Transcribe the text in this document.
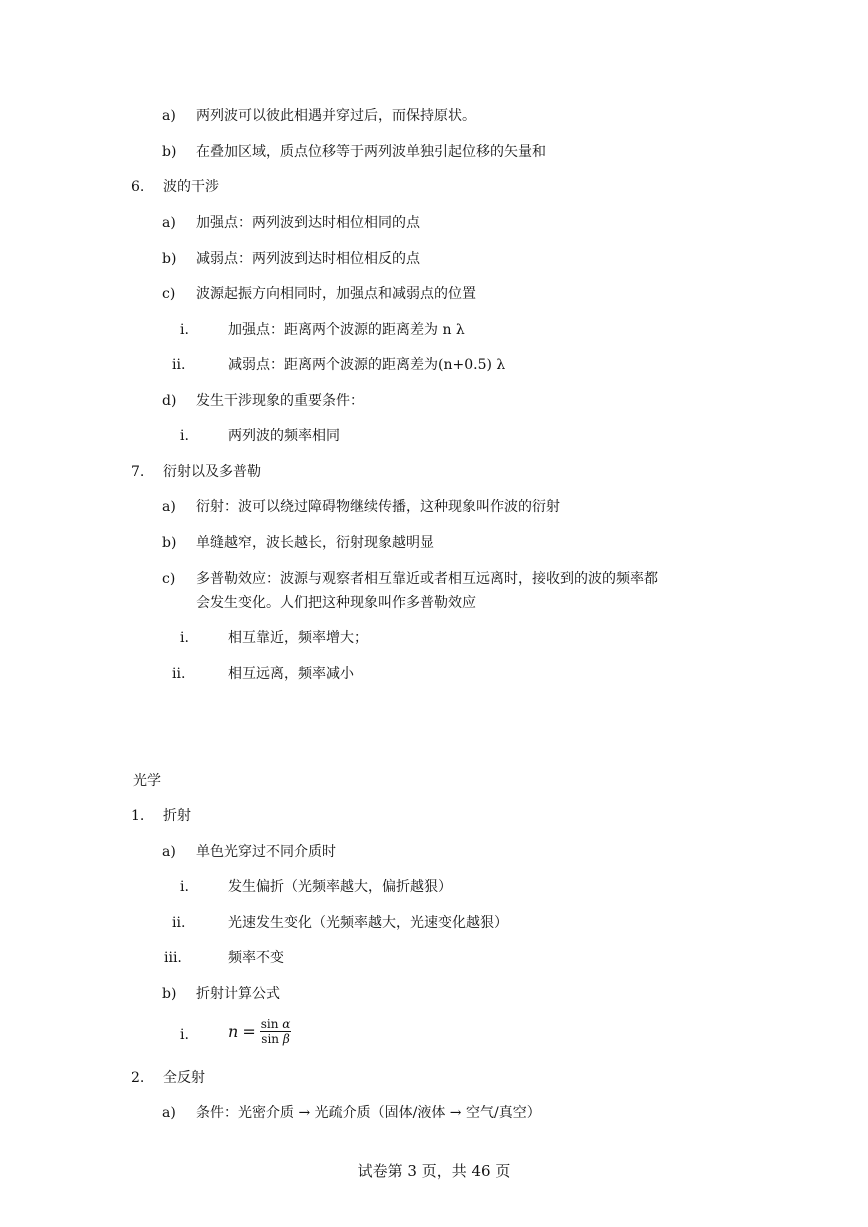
a) 两列波可以彼此相遇并穿过后，而保持原状。
b) 在叠加区域，质点位移等于两列波单独引起位移的矢量和
6. 波的干涉
a) 加强点：两列波到达时相位相同的点
b) 减弱点：两列波到达时相位相反的点
c) 波源起振方向相同时，加强点和减弱点的位置
i.	加强点：距离两个波源的距离差为 n λ
ii.	减弱点：距离两个波源的距离差为(n+0.5) λ
d) 发生干涉现象的重要条件：
i.	两列波的频率相同
7. 衍射以及多普勒
a) 衍射：波可以绕过障碍物继续传播，这种现象叫作波的衍射
b) 单缝越窄，波长越长，衍射现象越明显
c) 多普勒效应：波源与观察者相互靠近或者相互远离时，接收到的波的频率都
会发生变化。人们把这种现象叫作多普勒效应
i.	相互靠近，频率增大；
ii.	相互远离，频率减小
1. 折射
a) 单色光穿过不同介质时
i.	发生偏折（光频率越大，偏折越狠）
ii.	光速发生变化（光频率越大，光速变化越狠）
iii.	频率不变
b) 折射计算公式
i.
2. 全反射
a) 条件：光密介质 → 光疏介质（固体/液体 → 空气/真空）
光学
$n = \frac{\text{sin α}}{\text{sin β}}$
试卷第 3 页，共 46 页
